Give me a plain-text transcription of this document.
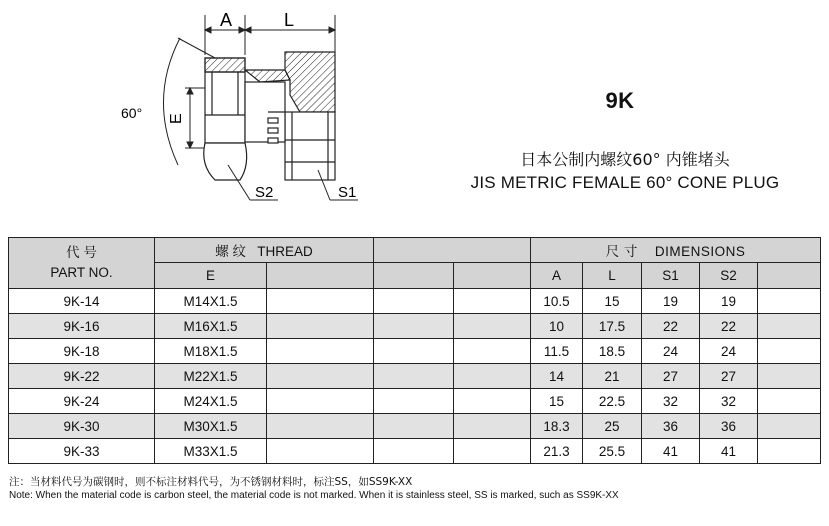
A	L
E
60°
S2	S1
9K
日本公制内螺纹60° 内锥堵头
JIS METRIC FEMALE 60° CONE PLUG
代 号
PART NO.	螺 纹   THREAD				尺 寸    DIMENSIONS				
	E				A	L	S1	S2	
9K-14	M14X1.5				10.5	15	19	19	
9K-16	M16X1.5				10	17.5	22	22	
9K-18	M18X1.5				11.5	18.5	24	24	
9K-22	M22X1.5				14	21	27	27	
9K-24	M24X1.5				15	22.5	32	32	
9K-30	M30X1.5				18.3	25	36	36	
9K-33	M33X1.5				21.3	25.5	41	41	
注：当材料代号为碳钢时，则不标注材料代号，为不锈钢材料时，标注SS，如SS9K-XX
Note: When the material code is carbon steel, the material code is not marked. When it is stainless steel, SS is marked, such as SS9K-XX
